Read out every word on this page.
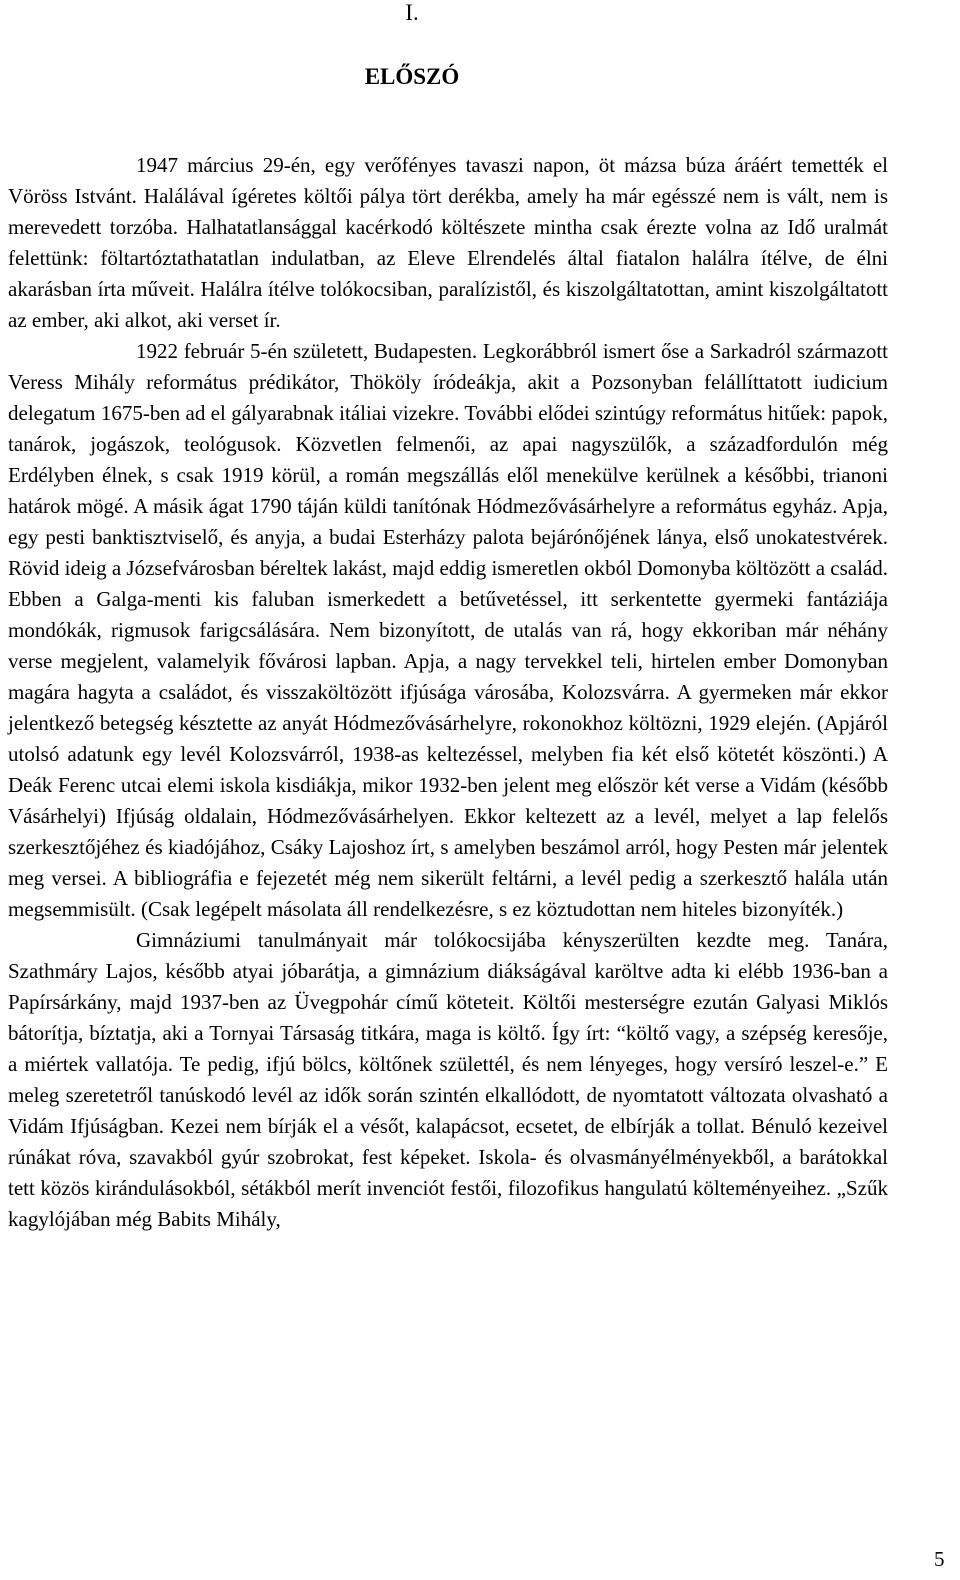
I.
ELŐSZÓ

1947 március 29-én, egy verőfényes tavaszi napon, öt mázsa búza áráért temették el Vöröss Istvánt. Halálával ígéretes költői pálya tört derékba, amely ha már egésszé nem is vált, nem is merevedett torzóba. Halhatatlansággal kacérkodó költészete mintha csak érezte volna az Idő uralmát felettünk: föltartóztathatatlan indulatban, az Eleve Elrendelés által fiatalon halálra ítélve, de élni akarásban írta műveit. Halálra ítélve tolókocsiban, paralízistől, és kiszolgáltatottan, amint kiszolgáltatott az ember, aki alkot, aki verset ír.

1922 február 5-én született, Budapesten. Legkorábbról ismert őse a Sarkadról származott Veress Mihály református prédikátor, Thököly íródeákja, akit a Pozsonyban felállíttatott iudicium delegatum 1675-ben ad el gályarabnak itáliai vizekre. További elődei szintúgy református hitűek: papok, tanárok, jogászok, teológusok. Közvetlen felmenői, az apai nagyszülők, a századfordulón még Erdélyben élnek, s csak 1919 körül, a román megszállás elől menekülve kerülnek a későbbi, trianoni határok mögé. A másik ágat 1790 táján küldi tanítónak Hódmezővásárhelyre a református egyház. Apja, egy pesti banktisztviselő, és anyja, a budai Esterházy palota bejárónőjének lánya, első unokatestvérek. Rövid ideig a Józsefvárosban béreltek lakást, majd eddig ismeretlen okból Domonyba költözött a család. Ebben a Galga-menti kis faluban ismerkedett a betűvetéssel, itt serkentette gyermeki fantáziája mondókák, rigmusok farigcsálására. Nem bizonyított, de utalás van rá, hogy ekkoriban már néhány verse megjelent, valamelyik fővárosi lapban. Apja, a nagy tervekkel teli, hirtelen ember Domonyban magára hagyta a családot, és visszaköltözött ifjúsága városába, Kolozsvárra. A gyermeken már ekkor jelentkező betegség késztette az anyát Hódmezővásárhelyre, rokonokhoz költözni, 1929 elején. (Apjáról utolsó adatunk egy levél Kolozsvárról, 1938-as keltezéssel, melyben fia két első kötetét köszönti.) A Deák Ferenc utcai elemi iskola kisdiákja, mikor 1932-ben jelent meg először két verse a Vidám (később Vásárhelyi) Ifjúság oldalain, Hódmezővásárhelyen. Ekkor keltezett az a levél, melyet a lap felelős szerkesztőjéhez és kiadójához, Csáky Lajoshoz írt, s amelyben beszámol arról, hogy Pesten már jelentek meg versei. A bibliográfia e fejezetét még nem sikerült feltárni, a levél pedig a szerkesztő halála után megsemmisült. (Csak legépelt másolata áll rendelkezésre, s ez köztudottan nem hiteles bizonyíték.)

Gimnáziumi tanulmányait már tolókocsijába kényszerülten kezdte meg. Tanára, Szathmáry Lajos, később atyai jóbarátja, a gimnázium diákságával karöltve adta ki elébb 1936-ban a Papírsárkány, majd 1937-ben az Üvegpohár című köteteit. Költői mesterségre ezután Galyasi Miklós bátorítja, bíztatja, aki a Tornyai Társaság titkára, maga is költő. Így írt: “költő vagy, a szépség keresője, a miértek vallatója. Te pedig, ifjú bölcs, költőnek születtél, és nem lényeges, hogy versíró leszel-e.” E meleg szeretetről tanúskodó levél az idők során szintén elkallódott, de nyomtatott változata olvasható a Vidám Ifjúságban. Kezei nem bírják el a vésőt, kalapácsot, ecsetet, de elbírják a tollat. Bénuló kezeivel rúnákat róva, szavakból gyúr szobrokat, fest képeket. Iskola- és olvasmányélményekből, a barátokkal tett közös kirándulásokból, sétákból merít invenciót festői, filozofikus hangulatú költeményeihez. „Szűk kagylójában még Babits Mihály,

5
